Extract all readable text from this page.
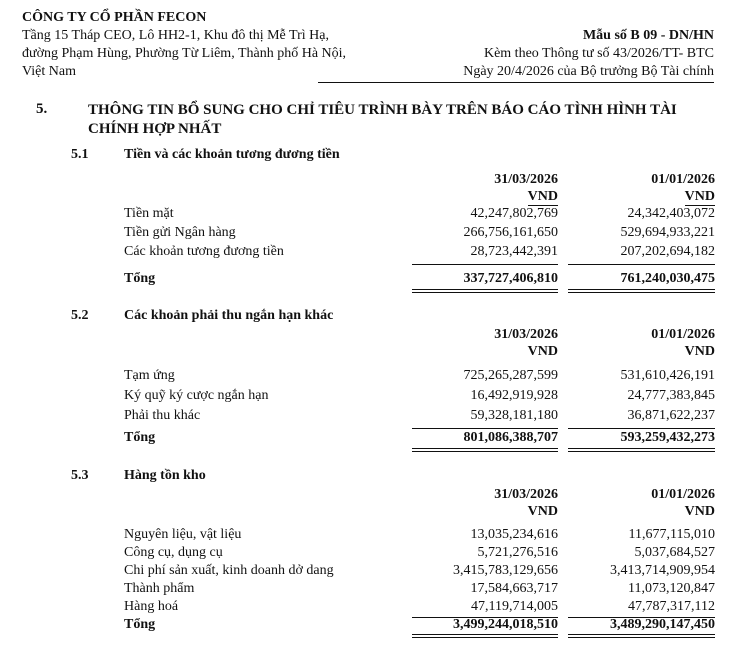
CÔNG TY CỔ PHẦN FECON
Tầng 15 Tháp CEO, Lô HH2-1, Khu đô thị Mễ Trì Hạ,
đường Phạm Hùng, Phường Từ Liêm, Thành phố Hà Nội,
Việt Nam
Mẫu số B 09 - DN/HN
Kèm theo Thông tư số 43/2026/TT- BTC
Ngày 20/4/2026 của Bộ trưởng Bộ Tài chính
5.	THÔNG TIN BỔ SUNG CHO CHỈ TIÊU TRÌNH BÀY TRÊN BÁO CÁO TÌNH HÌNH TÀI CHÍNH HỢP NHẤT
5.1	Tiền và các khoản tương đương tiền
31/03/2026
VND
01/01/2026
VND
Tiền mặt	42,247,802,769	24,342,403,072
Tiền gửi Ngân hàng	266,756,161,650	529,694,933,221
Các khoản tương đương tiền	28,723,442,391	207,202,694,182
Tổng	337,727,406,810	761,240,030,475
5.2	Các khoản phải thu ngắn hạn khác
31/03/2026
VND
01/01/2026
VND
Tạm ứng	725,265,287,599	531,610,426,191
Ký quỹ ký cược ngắn hạn	16,492,919,928	24,777,383,845
Phải thu khác	59,328,181,180	36,871,622,237
Tổng	801,086,388,707	593,259,432,273
5.3	Hàng tồn kho
31/03/2026
VND
01/01/2026
VND
Nguyên liệu, vật liệu	13,035,234,616	11,677,115,010
Công cụ, dụng cụ	5,721,276,516	5,037,684,527
Chi phí sản xuất, kinh doanh dở dang	3,415,783,129,656	3,413,714,909,954
Thành phẩm	17,584,663,717	11,073,120,847
Hàng hoá	47,119,714,005	47,787,317,112
Tổng	3,499,244,018,510	3,489,290,147,450
